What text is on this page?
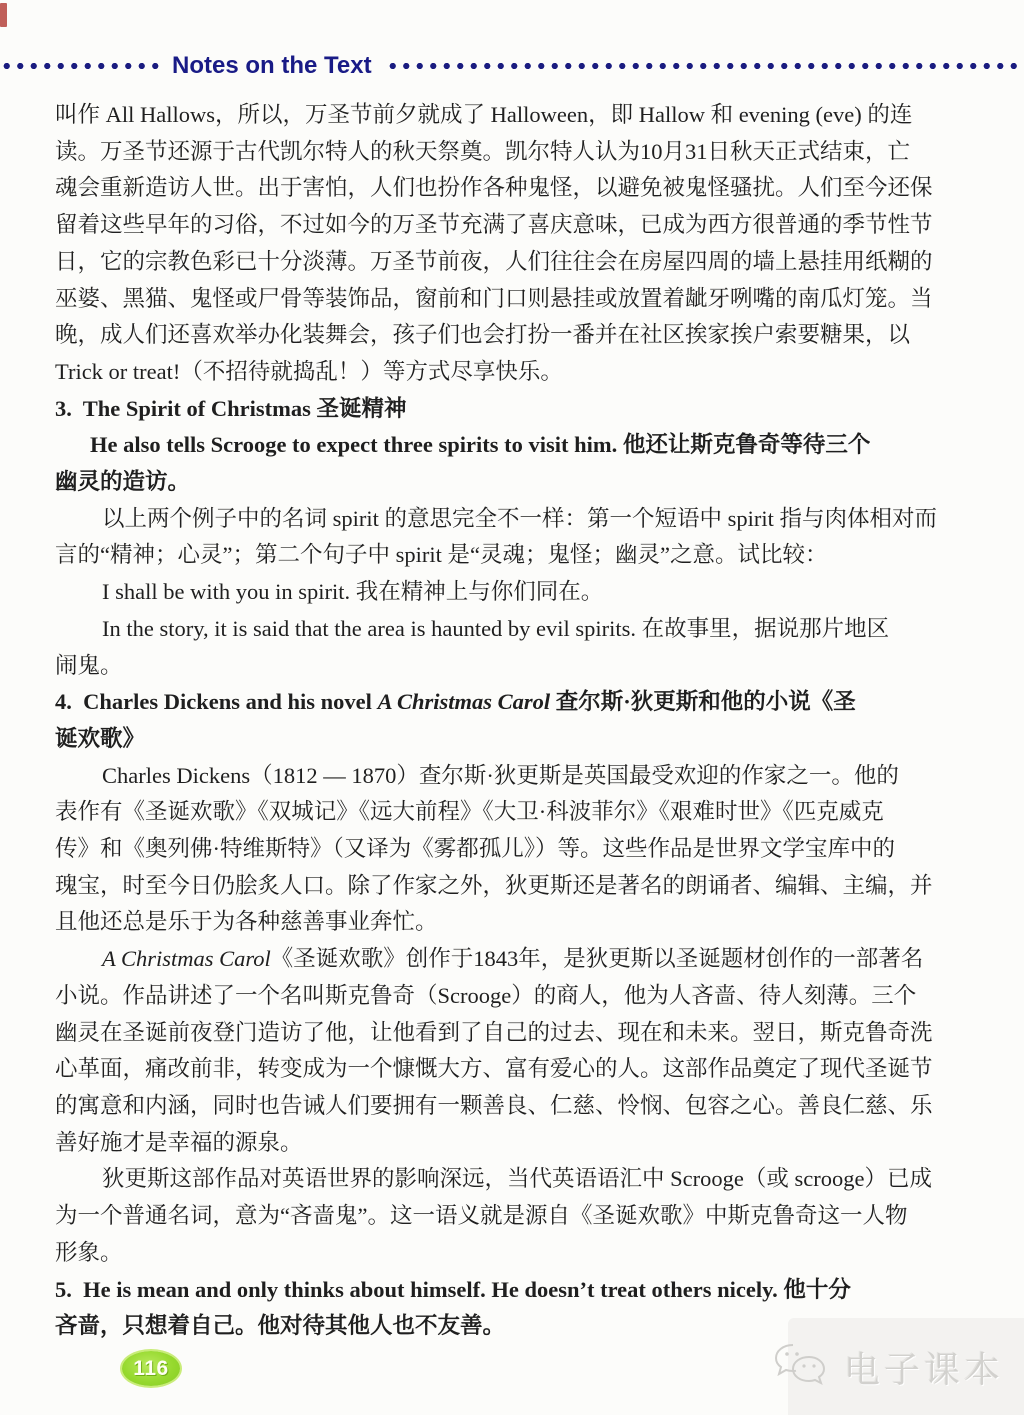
Notes on the Text
叫作 All Hallows，所以，万圣节前夕就成了 Halloween，即 Hallow 和 evening (eve) 的连
读。万圣节还源于古代凯尔特人的秋天祭奠。凯尔特人认为10月31日秋天正式结束，亡
魂会重新造访人世。出于害怕，人们也扮作各种鬼怪，以避免被鬼怪骚扰。人们至今还保
留着这些早年的习俗，不过如今的万圣节充满了喜庆意味，已成为西方很普通的季节性节
日，它的宗教色彩已十分淡薄。万圣节前夜，人们往往会在房屋四周的墙上悬挂用纸糊的
巫婆、黑猫、鬼怪或尸骨等装饰品，窗前和门口则悬挂或放置着龇牙咧嘴的南瓜灯笼。当
晚，成人们还喜欢举办化装舞会，孩子们也会打扮一番并在社区挨家挨户索要糖果，以
Trick or treat!（不招待就捣乱！）等方式尽享快乐。
3.  The Spirit of Christmas 圣诞精神
He also tells Scrooge to expect three spirits to visit him. 他还让斯克鲁奇等待三个
幽灵的造访。
以上两个例子中的名词 spirit 的意思完全不一样：第一个短语中 spirit 指与肉体相对而
言的“精神；心灵”；第二个句子中 spirit 是“灵魂；鬼怪；幽灵”之意。试比较：
I shall be with you in spirit. 我在精神上与你们同在。
In the story, it is said that the area is haunted by evil spirits. 在故事里，据说那片地区
闹鬼。
4.  Charles Dickens and his novel A Christmas Carol 查尔斯·狄更斯和他的小说《圣
诞欢歌》
Charles Dickens（1812 — 1870）查尔斯·狄更斯是英国最受欢迎的作家之一。他的
表作有《圣诞欢歌》《双城记》《远大前程》《大卫·科波菲尔》《艰难时世》《匹克威克
传》和《奥列佛·特维斯特》（又译为《雾都孤儿》）等。这些作品是世界文学宝库中的
瑰宝，时至今日仍脍炙人口。除了作家之外，狄更斯还是著名的朗诵者、编辑、主编，并
且他还总是乐于为各种慈善事业奔忙。
A Christmas Carol《圣诞欢歌》创作于1843年，是狄更斯以圣诞题材创作的一部著名
小说。作品讲述了一个名叫斯克鲁奇（Scrooge）的商人，他为人吝啬、待人刻薄。三个
幽灵在圣诞前夜登门造访了他，让他看到了自己的过去、现在和未来。翌日，斯克鲁奇洗
心革面，痛改前非，转变成为一个慷慨大方、富有爱心的人。这部作品奠定了现代圣诞节
的寓意和内涵，同时也告诫人们要拥有一颗善良、仁慈、怜悯、包容之心。善良仁慈、乐
善好施才是幸福的源泉。
狄更斯这部作品对英语世界的影响深远，当代英语语汇中 Scrooge（或 scrooge）已成
为一个普通名词，意为“吝啬鬼”。这一语义就是源自《圣诞欢歌》中斯克鲁奇这一人物
形象。
5.  He is mean and only thinks about himself. He doesn’t treat others nicely. 他十分
吝啬，只想着自己。他对待其他人也不友善。
116	电子课本
